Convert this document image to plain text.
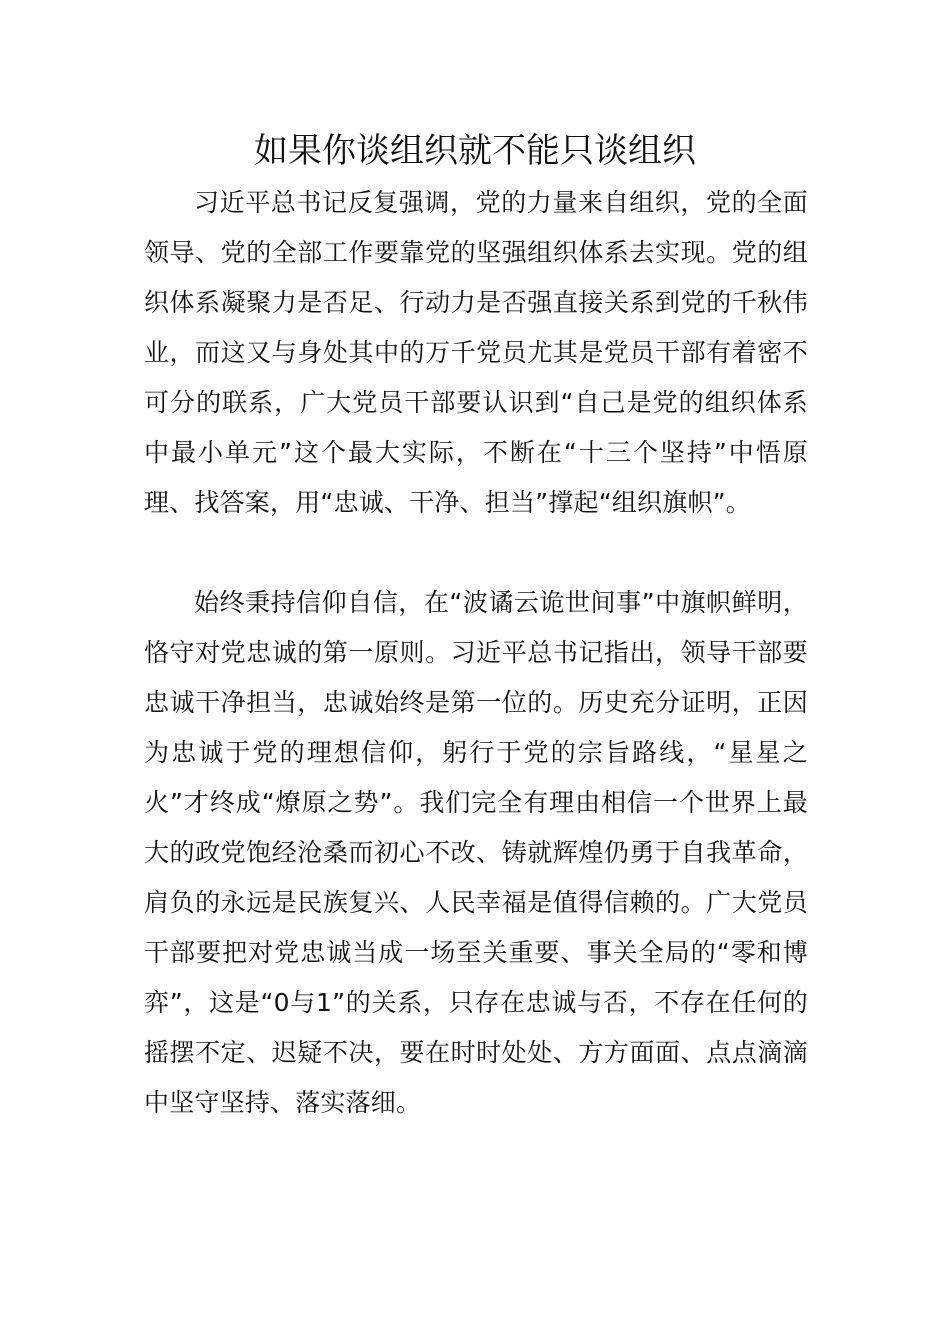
如果你谈组织就不能只谈组织

习近平总书记反复强调，党的力量来自组织，党的全面领导、党的全部工作要靠党的坚强组织体系去实现。党的组织体系凝聚力是否足、行动力是否强直接关系到党的千秋伟业，而这又与身处其中的万千党员尤其是党员干部有着密不可分的联系，广大党员干部要认识到“自己是党的组织体系中最小单元”这个最大实际，不断在“十三个坚持”中悟原理、找答案，用“忠诚、干净、担当”撑起“组织旗帜”。

始终秉持信仰自信，在“波谲云诡世间事”中旗帜鲜明，恪守对党忠诚的第一原则。习近平总书记指出，领导干部要忠诚干净担当，忠诚始终是第一位的。历史充分证明，正因为忠诚于党的理想信仰，躬行于党的宗旨路线，“星星之火”才终成“燎原之势”。我们完全有理由相信一个世界上最大的政党饱经沧桑而初心不改、铸就辉煌仍勇于自我革命，肩负的永远是民族复兴、人民幸福是值得信赖的。广大党员干部要把对党忠诚当成一场至关重要、事关全局的“零和博弈”，这是“0与1”的关系，只存在忠诚与否，不存在任何的摇摆不定、迟疑不决，要在时时处处、方方面面、点点滴滴中坚守坚持、落实落细。
